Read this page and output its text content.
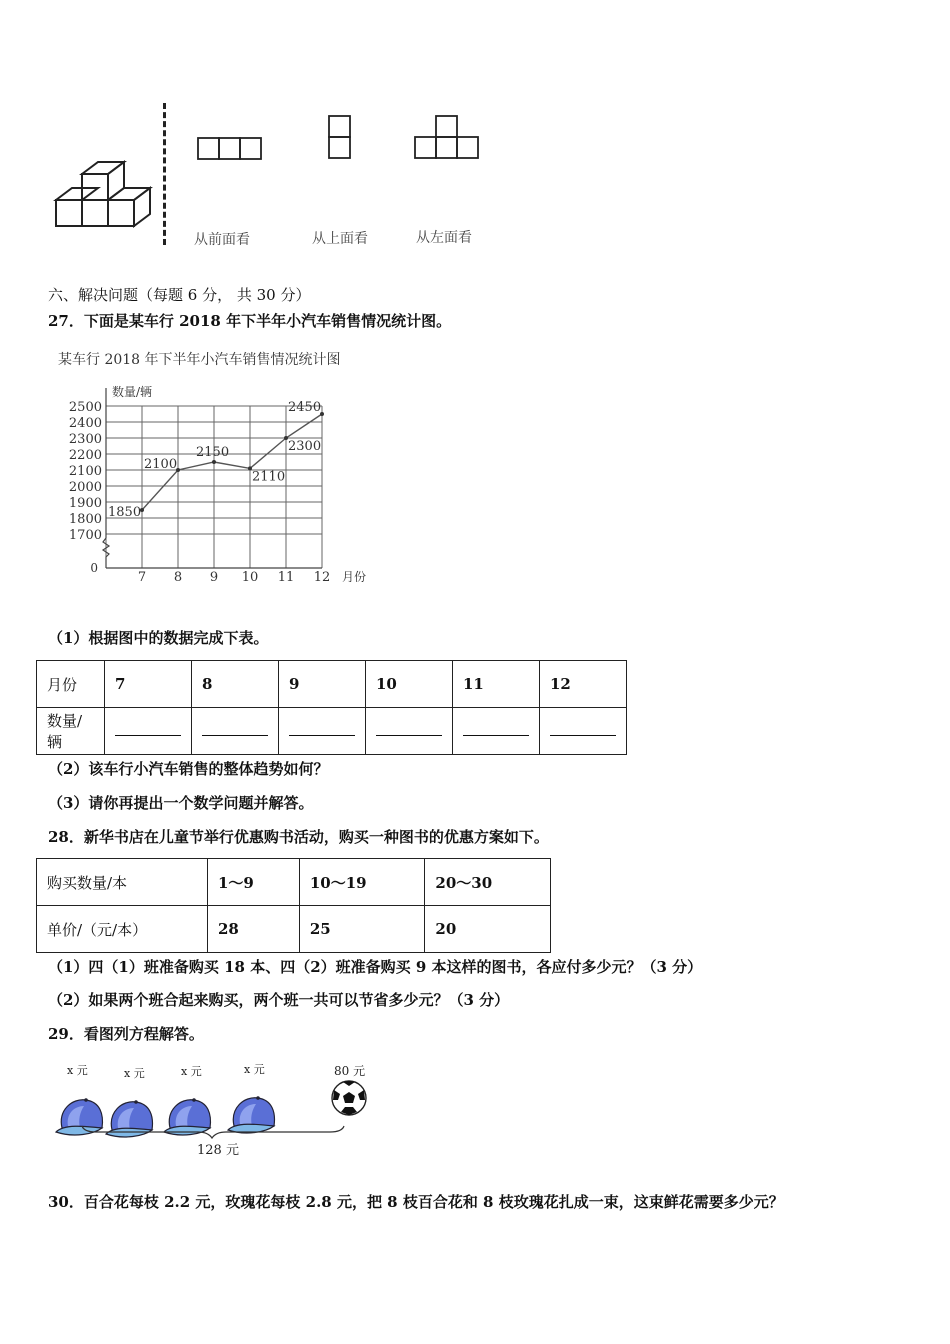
从前面看	从上面看	从左面看
六、解决问题（每题 6 分， 共 30 分）
27．下面是某车行 2018 年下半年小汽车销售情况统计图。
某车行 2018 年下半年小汽车销售情况统计图
数量/辆
月份
0
1700
1800
1900
2000
2100
2200
2300
2400
2500
7 8 9 10 11 12
1850
2100
2150
2110
2300
2450
（1）根据图中的数据完成下表。
月份	7	8	9	10	11	12
数量/辆						
（2）该车行小汽车销售的整体趋势如何？
（3）请你再提出一个数学问题并解答。
28．新华书店在儿童节举行优惠购书活动，购买一种图书的优惠方案如下。
购买数量/本	1～9	10～19	20～30
单价/（元/本）	28	25	20
（1）四（1）班准备购买 18 本、四（2）班准备购买 9 本这样的图书，各应付多少元？（3 分）
（2）如果两个班合起来购买，两个班一共可以节省多少元？（3 分）
29．看图列方程解答。
x 元	x 元	x 元	x 元	80 元
128 元
30．百合花每枝 2.2 元，玫瑰花每枝 2.8 元，把 8 枝百合花和 8 枝玫瑰花扎成一束，这束鲜花需要多少元？
